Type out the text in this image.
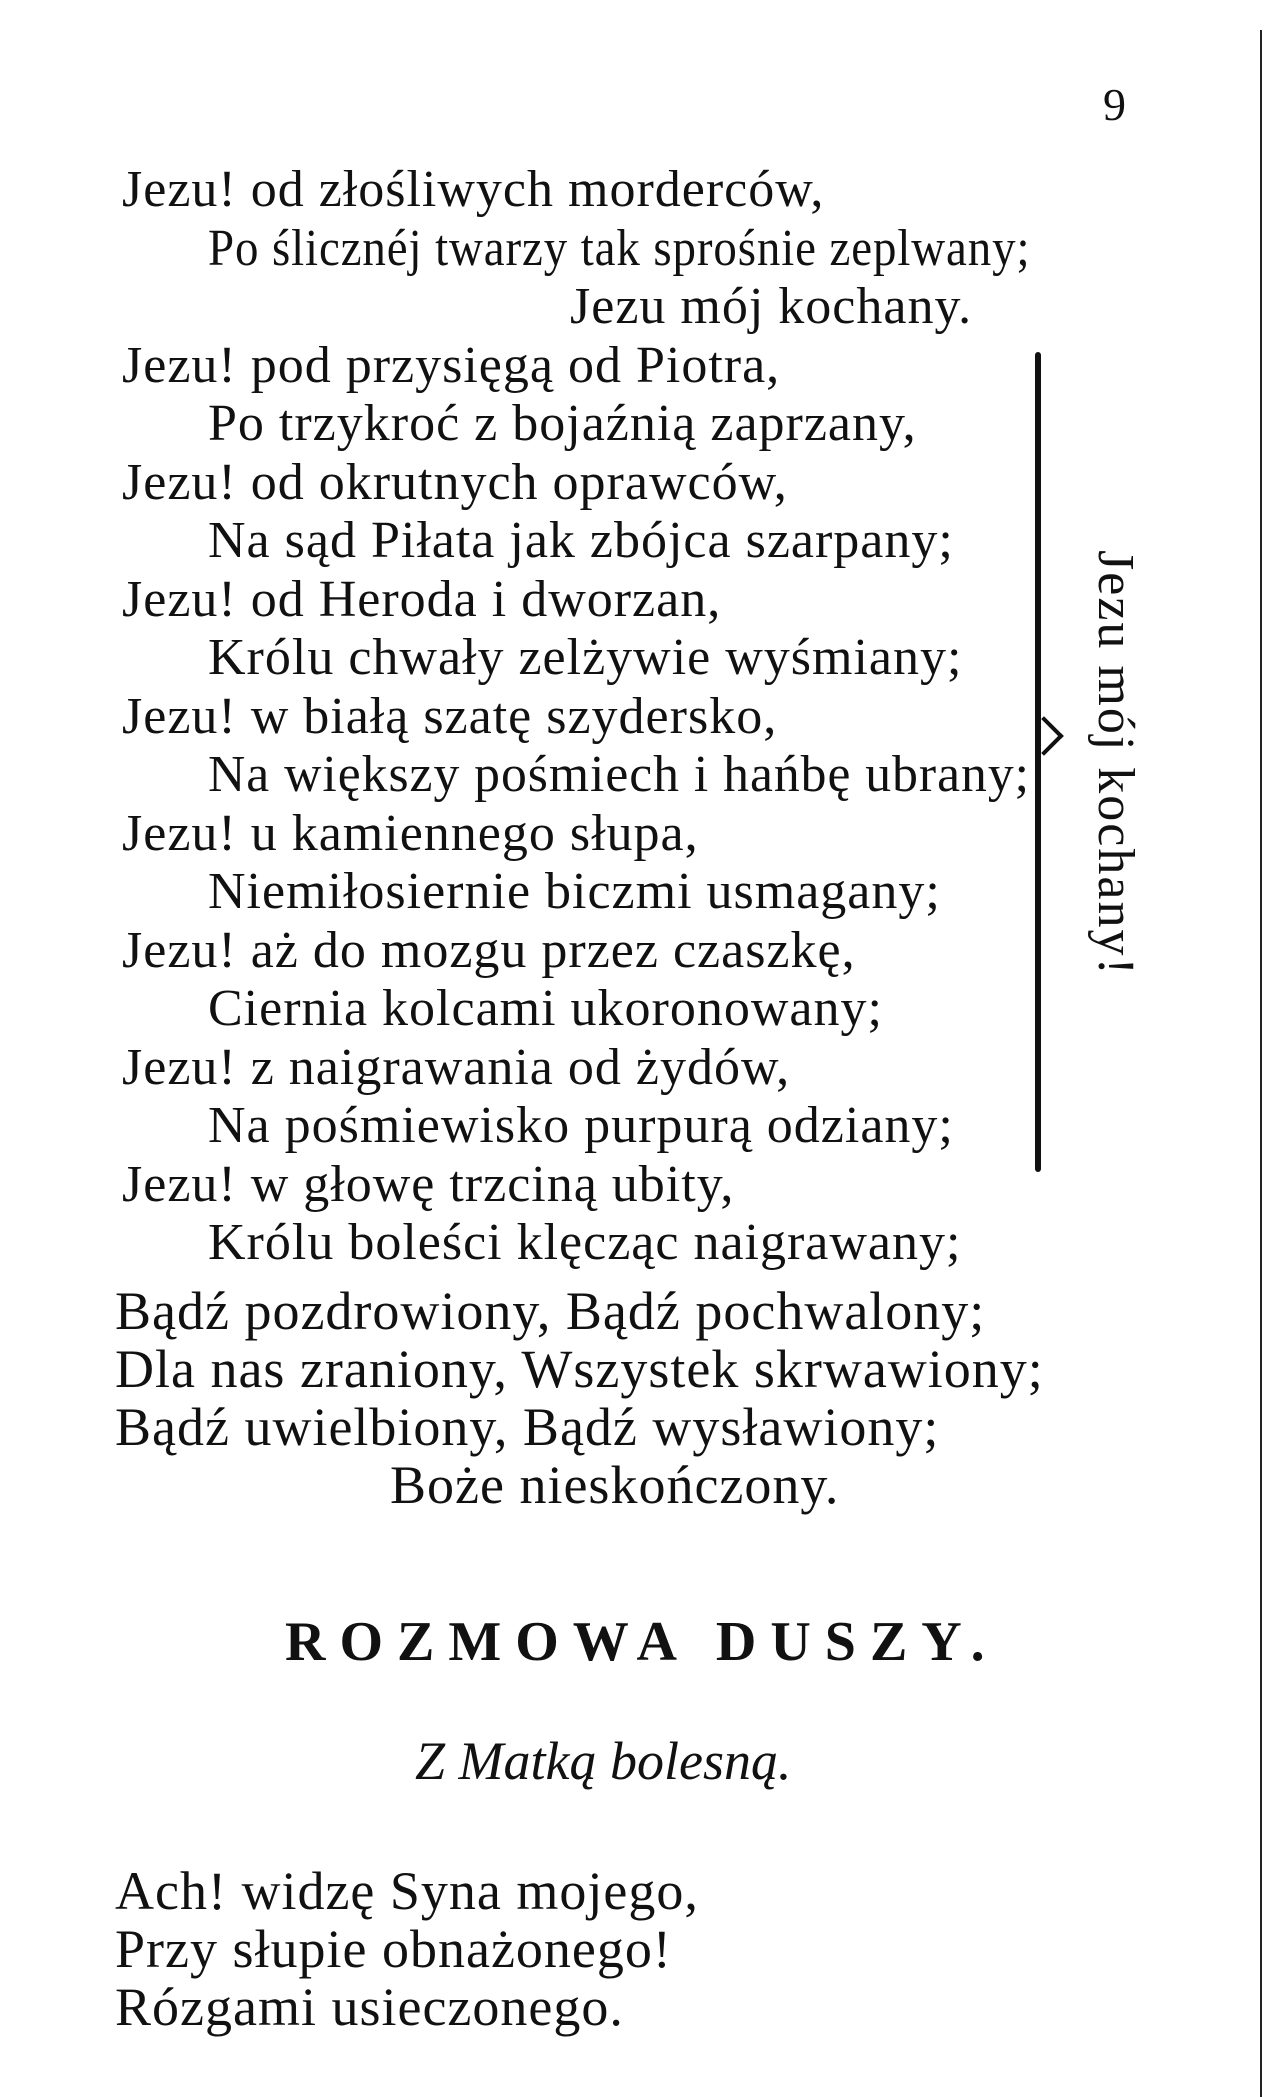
9
Jezu! od złośliwych morderców,
Po ślicznéj twarzy tak sprośnie zeplwany;
Jezu mój kochany.
Jezu! pod przysięgą od Piotra,
Po trzykroć z bojaźnią zaprzany,
Jezu! od okrutnych oprawców,
Na sąd Piłata jak zbójca szarpany;
Jezu! od Heroda i dworzan,
Królu chwały zelżywie wyśmiany;
Jezu! w białą szatę szydersko,
Na większy pośmiech i hańbę ubrany;
Jezu! u kamiennego słupa,
Niemiłosiernie biczmi usmagany;
Jezu! aż do mozgu przez czaszkę,
Cierniа kolcami ukoronowany;
Jezu! z naigrawania od żydów,
Na pośmiewisko purpurą odziany;
Jezu! w głowę trzciną ubity,
Królu boleści klęcząc naigrawany;
Jezu mój kochany!
Bądź pozdrowiony, Bądź pochwalony;
Dla nas zraniony, Wszystek skrwawiony;
Bądź uwielbiony, Bądź wysławiony;
Boże nieskończony.
ROZMOWA DUSZY.
Z Matką bolesną.
Ach! widzę Syna mojego,
Przy słupie obnażonego!
Rózgami usieczonego.
